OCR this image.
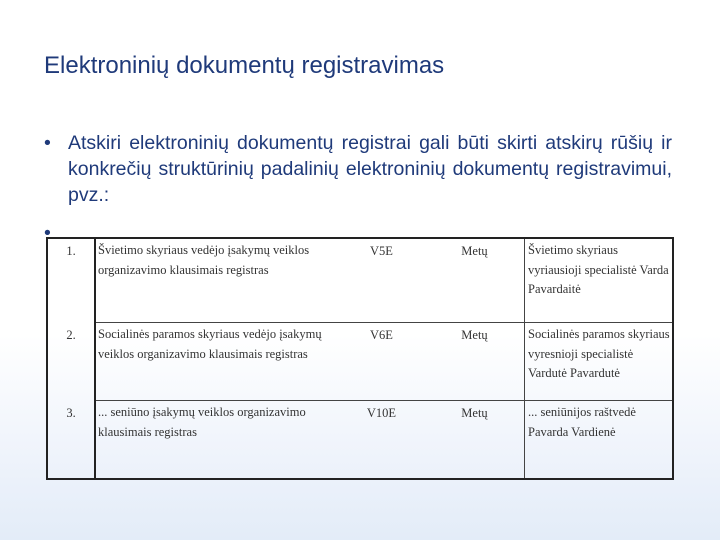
Elektroninių dokumentų registravimas
• Atskiri elektroninių dokumentų registrai gali būti skirti atskirų rūšių ir konkrečių struktūrinių padalinių elektroninių dokumentų registravimui, pvz.:
•
1.	Švietimo skyriaus vedėjo įsakymų veiklos organizavimo klausimais registras	V5E	Metų	Švietimo skyriaus vyriausioji specialistė Varda Pavardaitė
2.	Socialinės paramos skyriaus vedėjo įsakymų veiklos organizavimo klausimais registras	V6E	Metų	Socialinės paramos skyriaus vyresnioji specialistė Vardutė Pavardutė
3.	... seniūno įsakymų veiklos organizavimo klausimais registras	V10E	Metų	... seniūnijos raštvedė Pavarda Vardienė
